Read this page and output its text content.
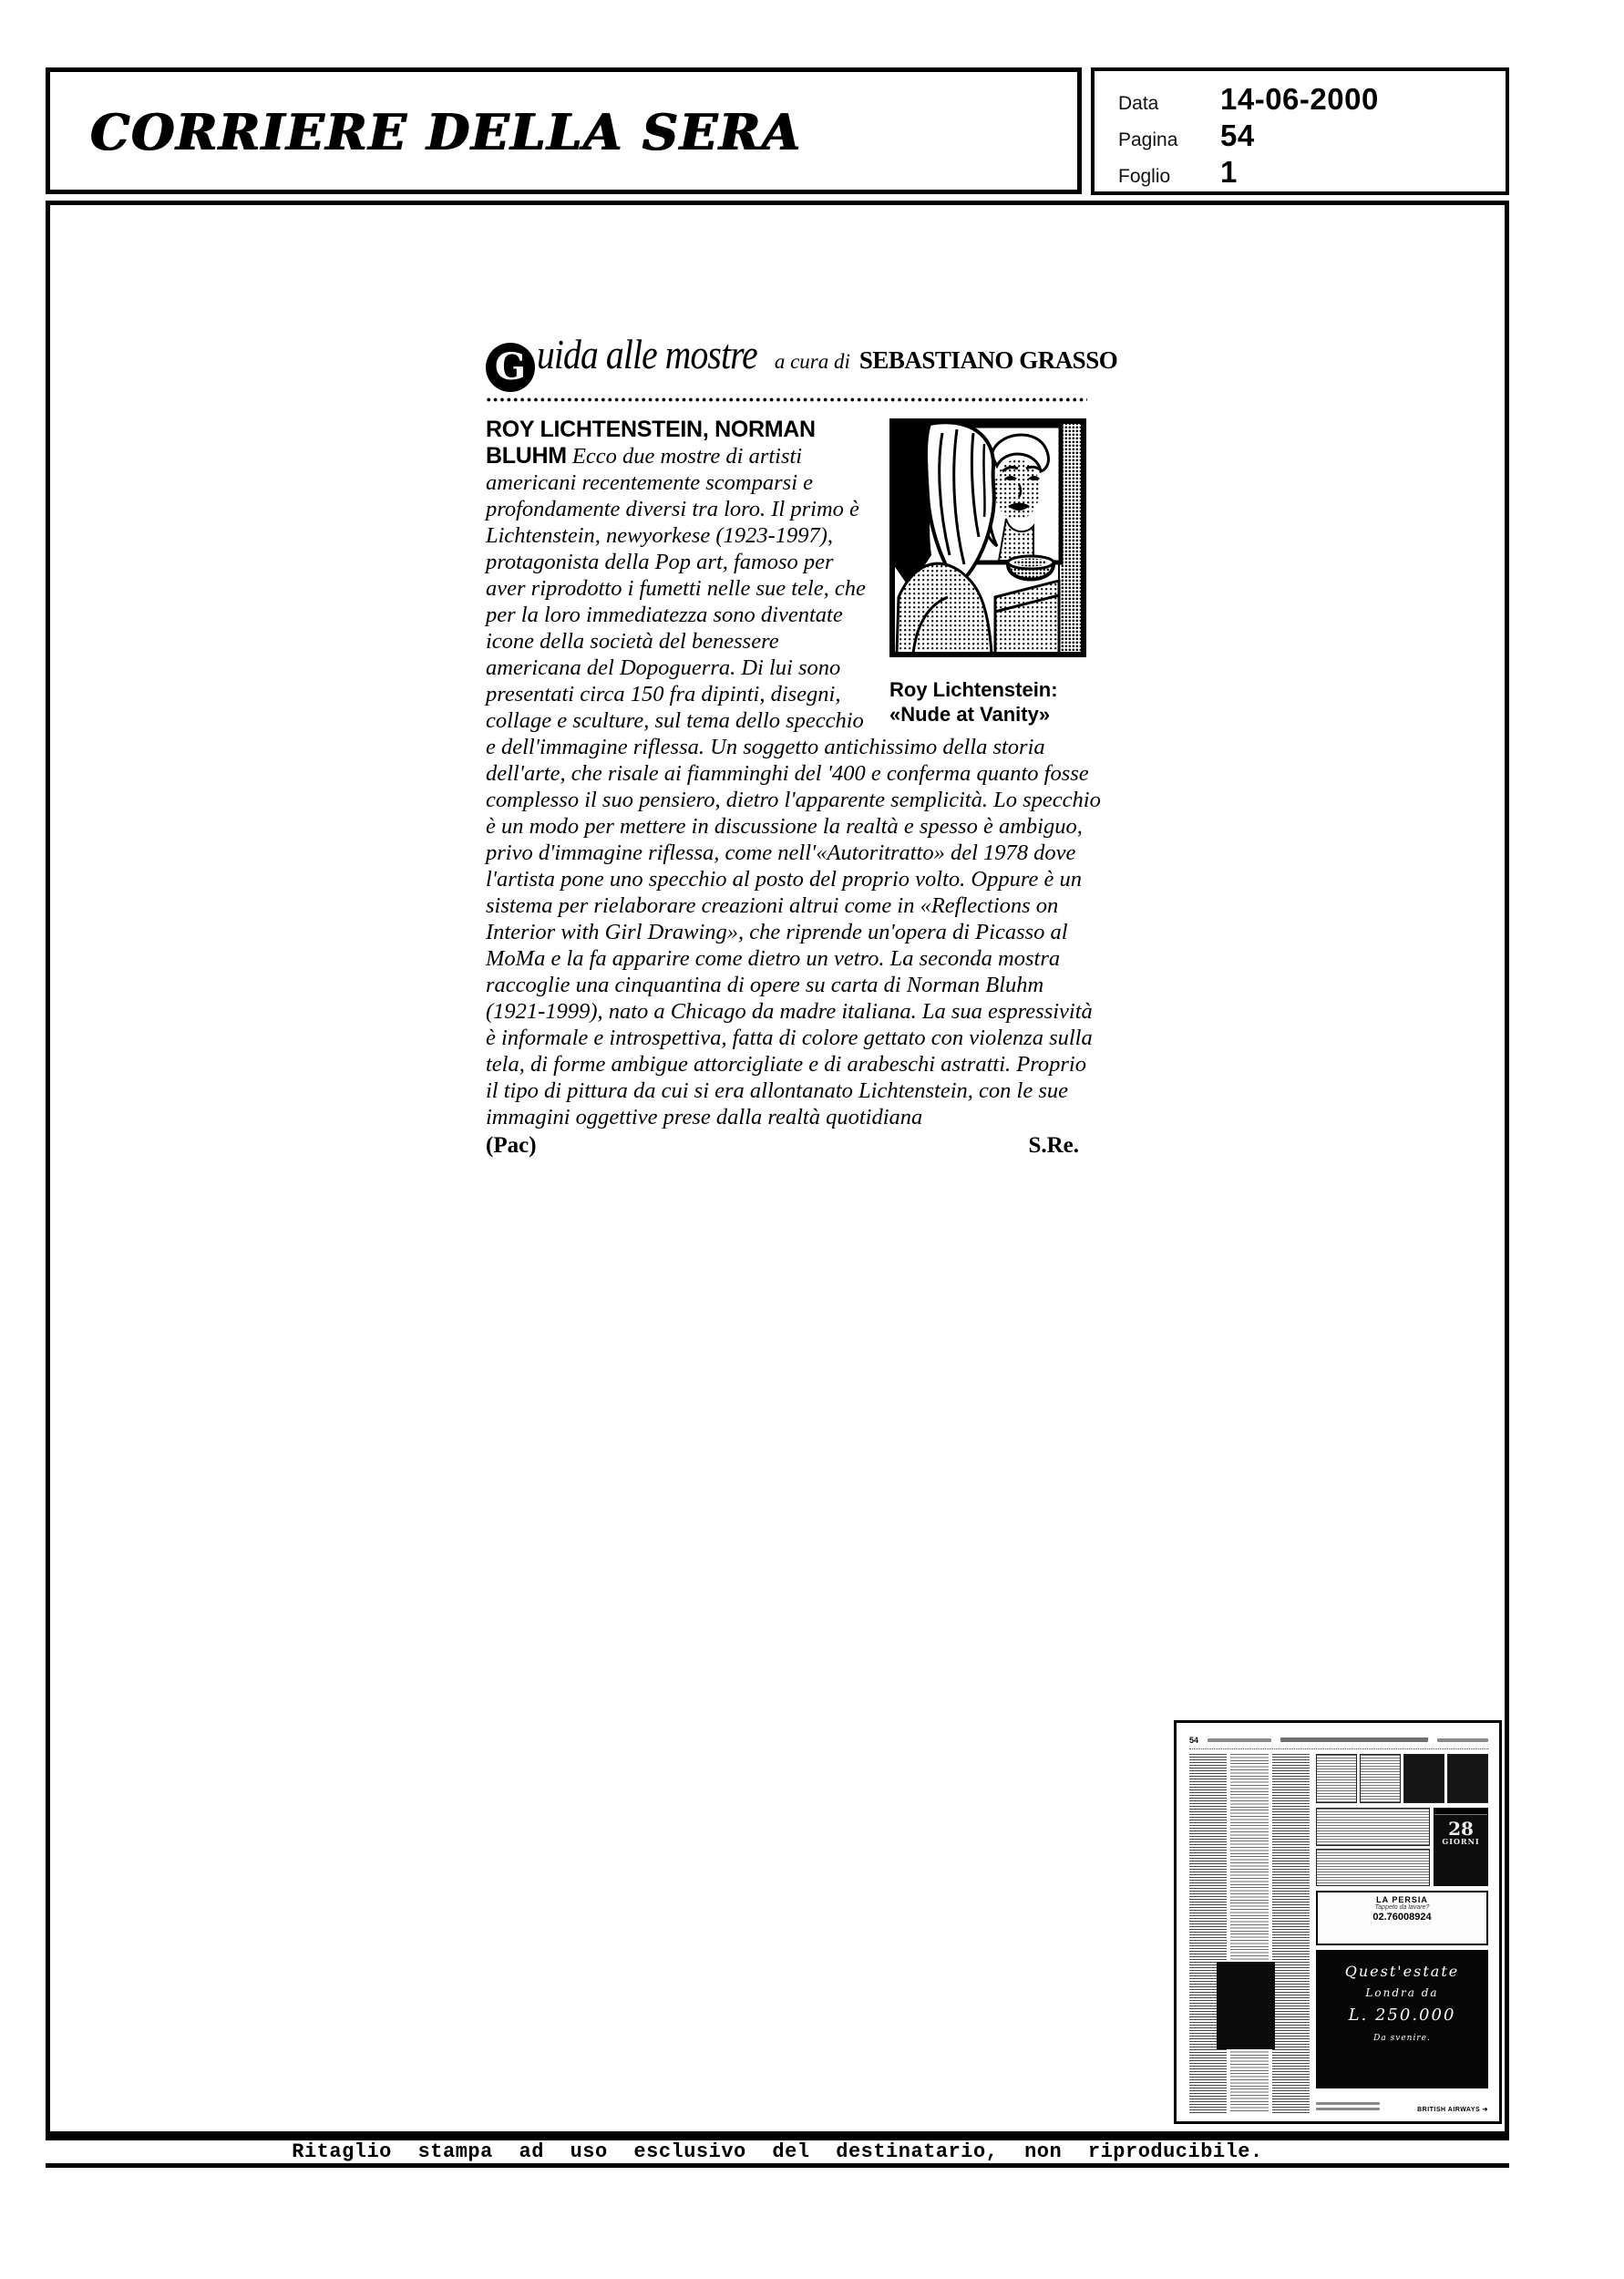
CORRIERE DELLA SERA	Data	14-06-2000
Pagina	54
Foglio	1
G uida alle mostre a cura di SEBASTIANO GRASSO
Roy Lichtenstein:
«Nude at Vanity»

ROY LICHTENSTEIN, NORMAN BLUHM Ecco due mostre di artisti americani recentemente scomparsi e profondamente diversi tra loro. Il primo è Lichtenstein, newyorkese (1923-1997), protagonista della Pop art, famoso per aver riprodotto i fumetti nelle sue tele, che per la loro immediatezza sono diventate icone della società del benessere americana del Dopoguerra. Di lui sono presentati circa 150 fra dipinti, disegni, collage e sculture, sul tema dello specchio e dell'immagine riflessa. Un soggetto antichissimo della storia dell'arte, che risale ai fiamminghi del '400 e conferma quanto fosse complesso il suo pensiero, dietro l'apparente semplicità. Lo specchio è un modo per mettere in discussione la realtà e spesso è ambiguo, privo d'immagine riflessa, come nell'«Autoritratto» del 1978 dove l'artista pone uno specchio al posto del proprio volto. Oppure è un sistema per rielaborare creazioni altrui come in «Reflections on Interior with Girl Drawing», che riprende un'opera di Picasso al MoMa e la fa apparire come dietro un vetro. La seconda mostra raccoglie una cinquantina di opere su carta di Norman Bluhm (1921-1999), nato a Chicago da madre italiana. La sua espressività è informale e introspettiva, fatta di colore gettato con violenza sulla tela, di forme ambigue attorcigliate e di arabeschi astratti. Proprio il tipo di pittura da cui si era allontanato Lichtenstein, con le sue immagini oggettive prese dalla realtà quotidiana

(Pac)	S.Re.
54
28
GIORNI
LA PERSIA
Tappeto da lavare?
02.76008924
Quest'estate
Londra da
L. 250.000
Da svenire.
BRITISH AIRWAYS ➔
Ritaglio stampa ad uso esclusivo del destinatario, non riproducibile.
